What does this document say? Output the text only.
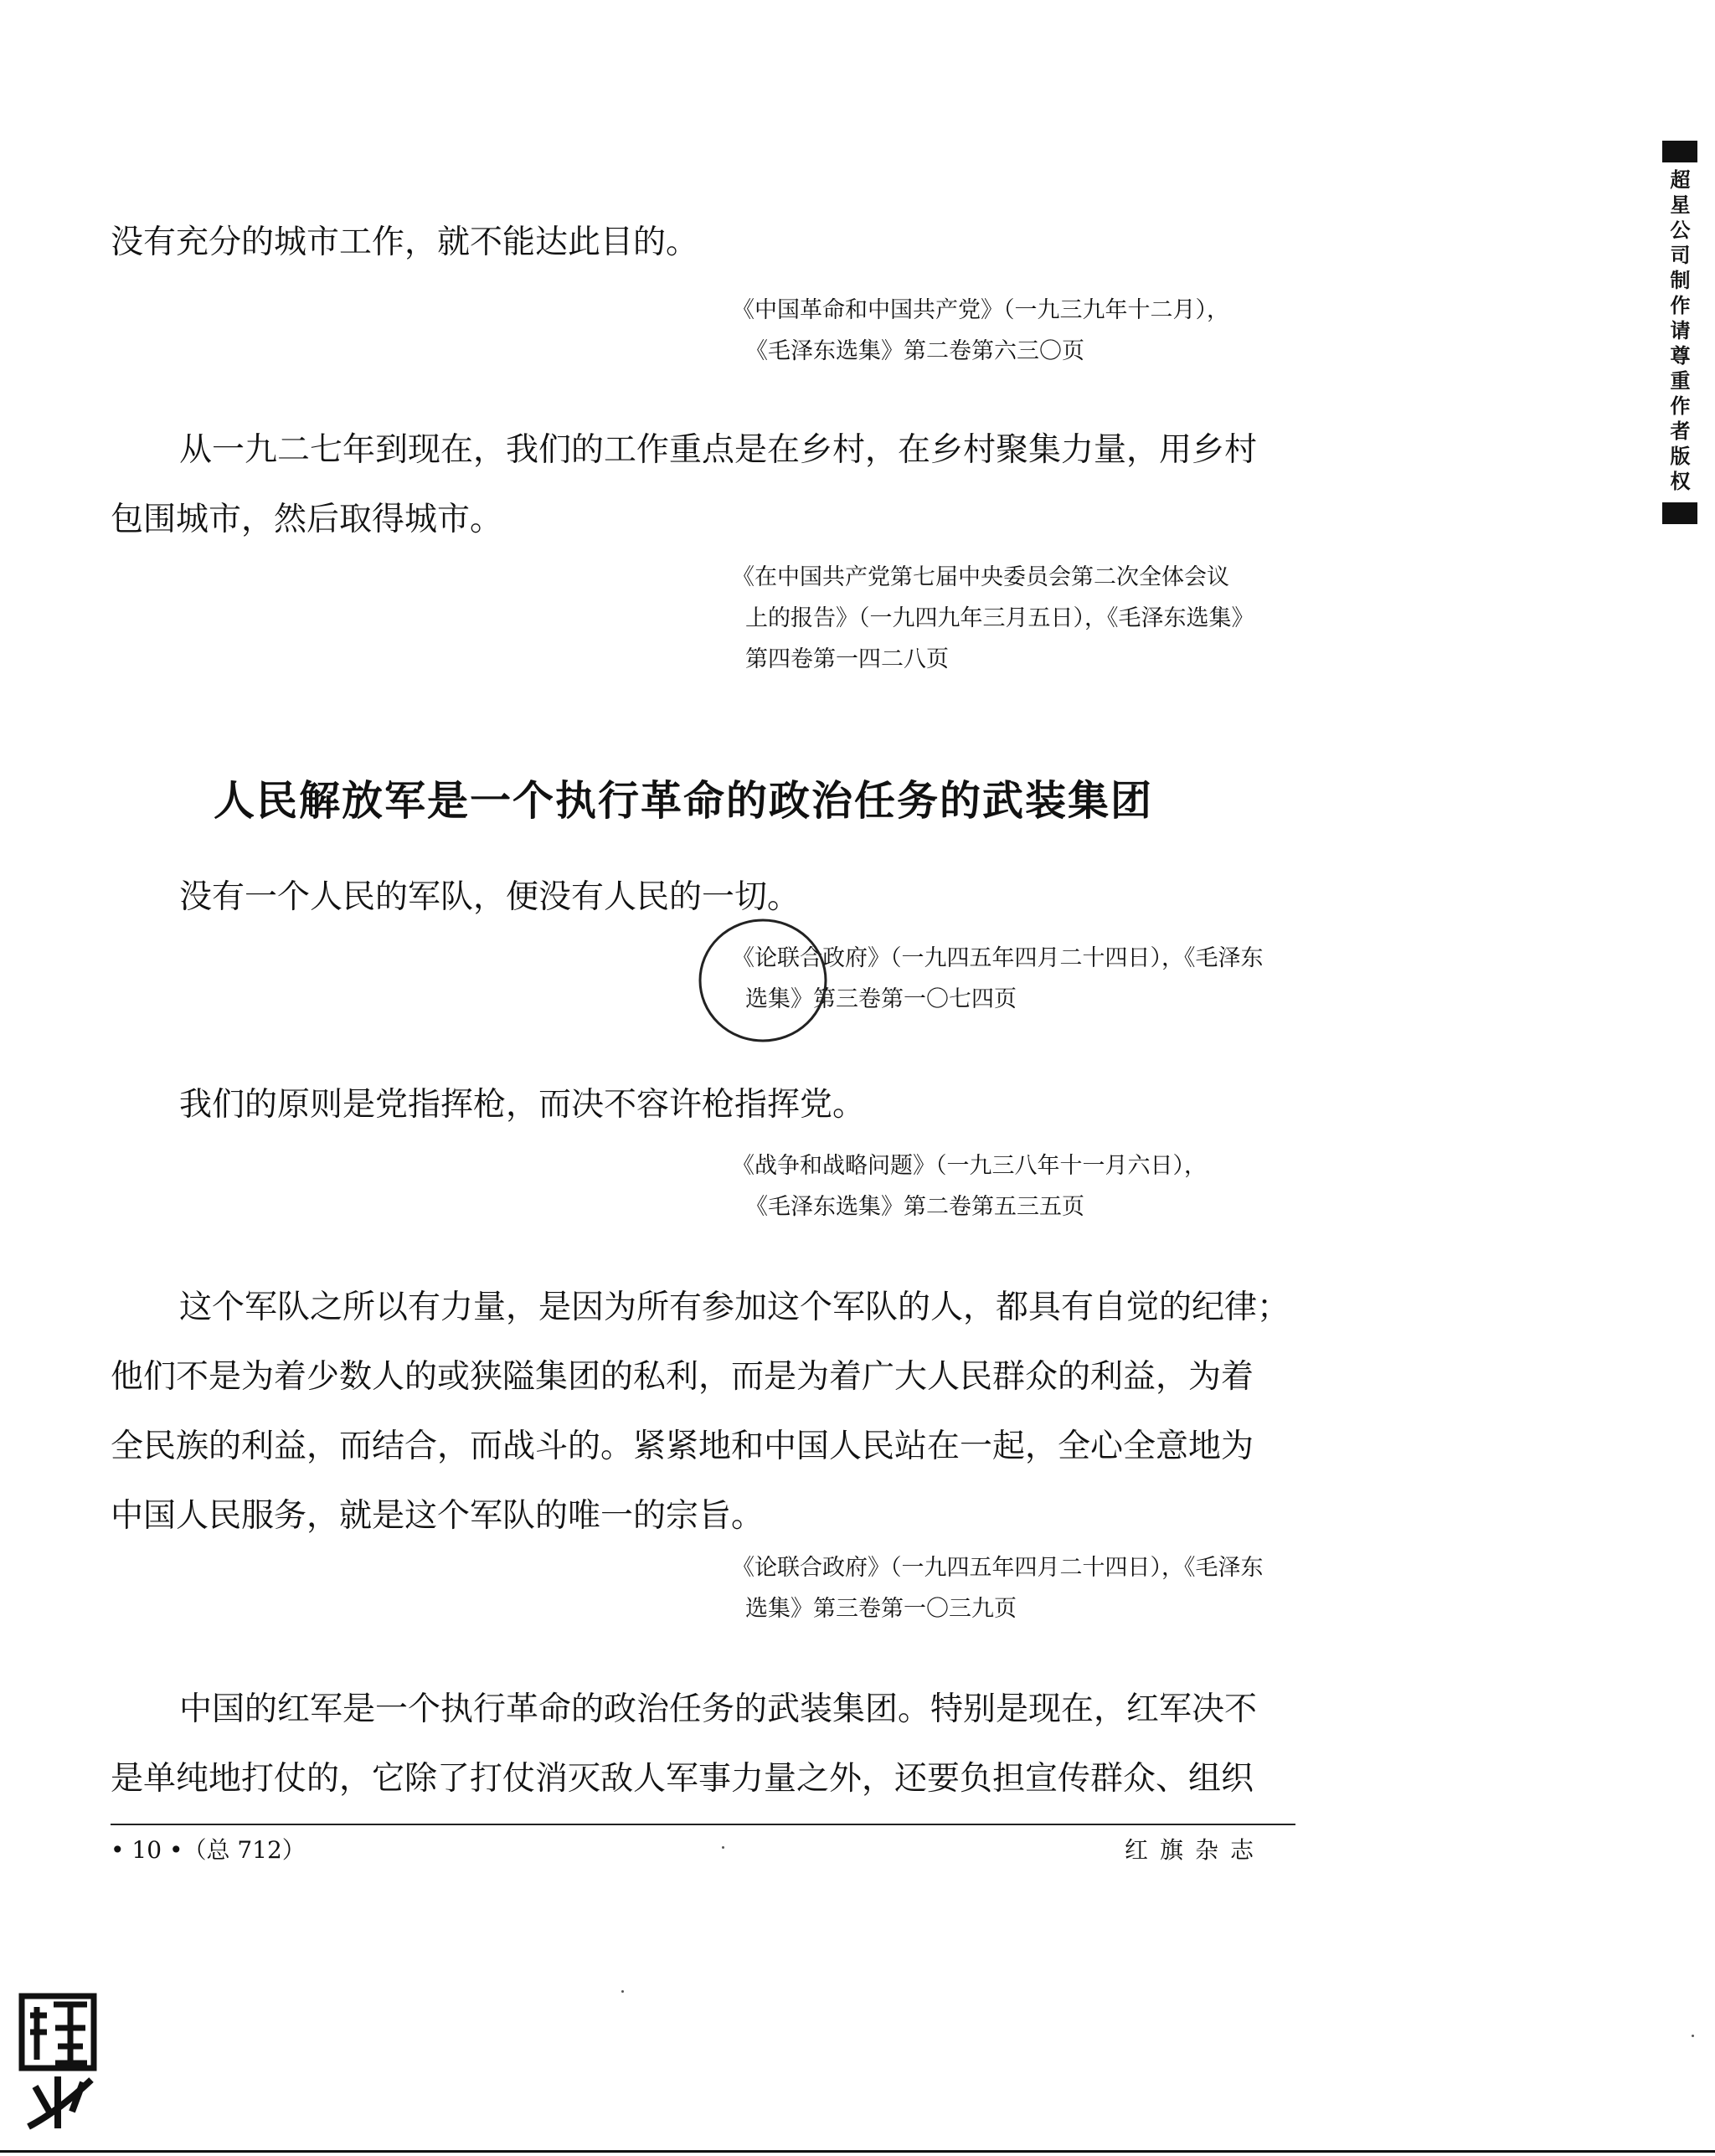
超星公司制作请尊重作者版权
没有充分的城市工作，就不能达此目的。
《中国革命和中国共产党》（一九三九年十二月），
《毛泽东选集》第二卷第六三〇页
从一九二七年到现在，我们的工作重点是在乡村，在乡村聚集力量，用乡村
包围城市，然后取得城市。
《在中国共产党第七届中央委员会第二次全体会议
上的报告》（一九四九年三月五日），《毛泽东选集》
第四卷第一四二八页
人民解放军是一个执行革命的政治任务的武装集团
没有一个人民的军队，便没有人民的一切。
《论联合政府》（一九四五年四月二十四日），《毛泽东
选集》第三卷第一〇七四页
我们的原则是党指挥枪，而决不容许枪指挥党。
《战争和战略问题》（一九三八年十一月六日），
《毛泽东选集》第二卷第五三五页
这个军队之所以有力量，是因为所有参加这个军队的人，都具有自觉的纪律；
他们不是为着少数人的或狭隘集团的私利，而是为着广大人民群众的利益，为着
全民族的利益，而结合，而战斗的。紧紧地和中国人民站在一起，全心全意地为
中国人民服务，就是这个军队的唯一的宗旨。
《论联合政府》（一九四五年四月二十四日），《毛泽东
选集》第三卷第一〇三九页
中国的红军是一个执行革命的政治任务的武装集团。特别是现在，红军决不
是单纯地打仗的，它除了打仗消灭敌人军事力量之外，还要负担宣传群众、组织
• 10 •（总 712）	红旗杂志
